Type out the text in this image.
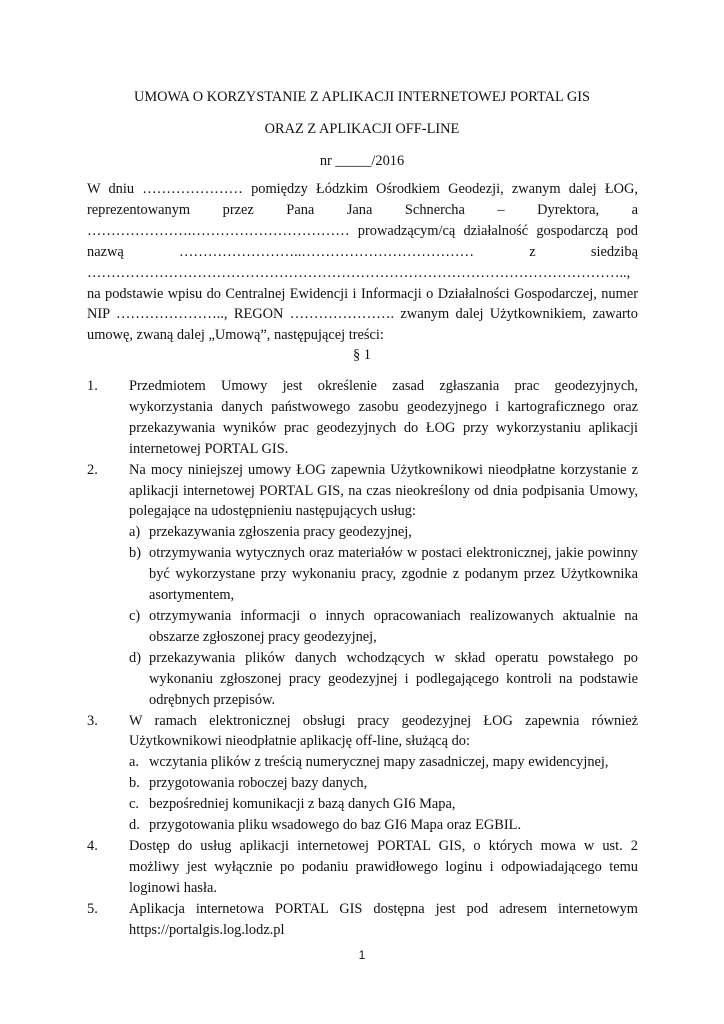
UMOWA O KORZYSTANIE Z APLIKACJI INTERNETOWEJ PORTAL GIS
ORAZ Z APLIKACJI OFF-LINE
nr _____/2016

W dniu ………………… pomiędzy Łódzkim Ośrodkiem Geodezji, zwanym dalej ŁOG,
reprezentowanym przez Pana Jana Schnercha – Dyrektora, a
………………….…………………………… prowadzącym/cą działalność gospodarczą pod
nazwą ……………………..……………………………… z siedzibą
…………………………………………………………………………………………………..,
na podstawie wpisu do Centralnej Ewidencji i Informacji o Działalności Gospodarczej, numer
NIP ………………….., REGON …………………. zwanym dalej Użytkownikiem, zawarto
umowę, zwaną dalej „Umową”, następującej treści:

§ 1
1. Przedmiotem Umowy jest określenie zasad zgłaszania prac geodezyjnych, wykorzystania danych państwowego zasobu geodezyjnego i kartograficznego oraz przekazywania wyników prac geodezyjnych do ŁOG przy wykorzystaniu aplikacji internetowej PORTAL GIS.
2. Na mocy niniejszej umowy ŁOG zapewnia Użytkownikowi nieodpłatne korzystanie z aplikacji internetowej PORTAL GIS, na czas nieokreślony od dnia podpisania Umowy, polegające na udostępnieniu następujących usług:
a) przekazywania zgłoszenia pracy geodezyjnej,
b) otrzymywania wytycznych oraz materiałów w postaci elektronicznej, jakie powinny być wykorzystane przy wykonaniu pracy, zgodnie z podanym przez Użytkownika asortymentem,
c) otrzymywania informacji o innych opracowaniach realizowanych aktualnie na obszarze zgłoszonej pracy geodezyjnej,
d) przekazywania plików danych wchodzących w skład operatu powstałego po wykonaniu zgłoszonej pracy geodezyjnej i podlegającego kontroli na podstawie odrębnych przepisów.
3. W ramach elektronicznej obsługi pracy geodezyjnej ŁOG zapewnia również Użytkownikowi nieodpłatnie aplikację off-line, służącą do:
a. wczytania plików z treścią numerycznej mapy zasadniczej, mapy ewidencyjnej,
b. przygotowania roboczej bazy danych,
c. bezpośredniej komunikacji z bazą danych GI6 Mapa,
d. przygotowania pliku wsadowego do baz GI6 Mapa oraz EGBIL.
4. Dostęp do usług aplikacji internetowej PORTAL GIS, o których mowa w ust. 2 możliwy jest wyłącznie po podaniu prawidłowego loginu i odpowiadającego temu loginowi hasła.
5. Aplikacja internetowa PORTAL GIS dostępna jest pod adresem internetowym https://portalgis.log.lodz.pl
1
